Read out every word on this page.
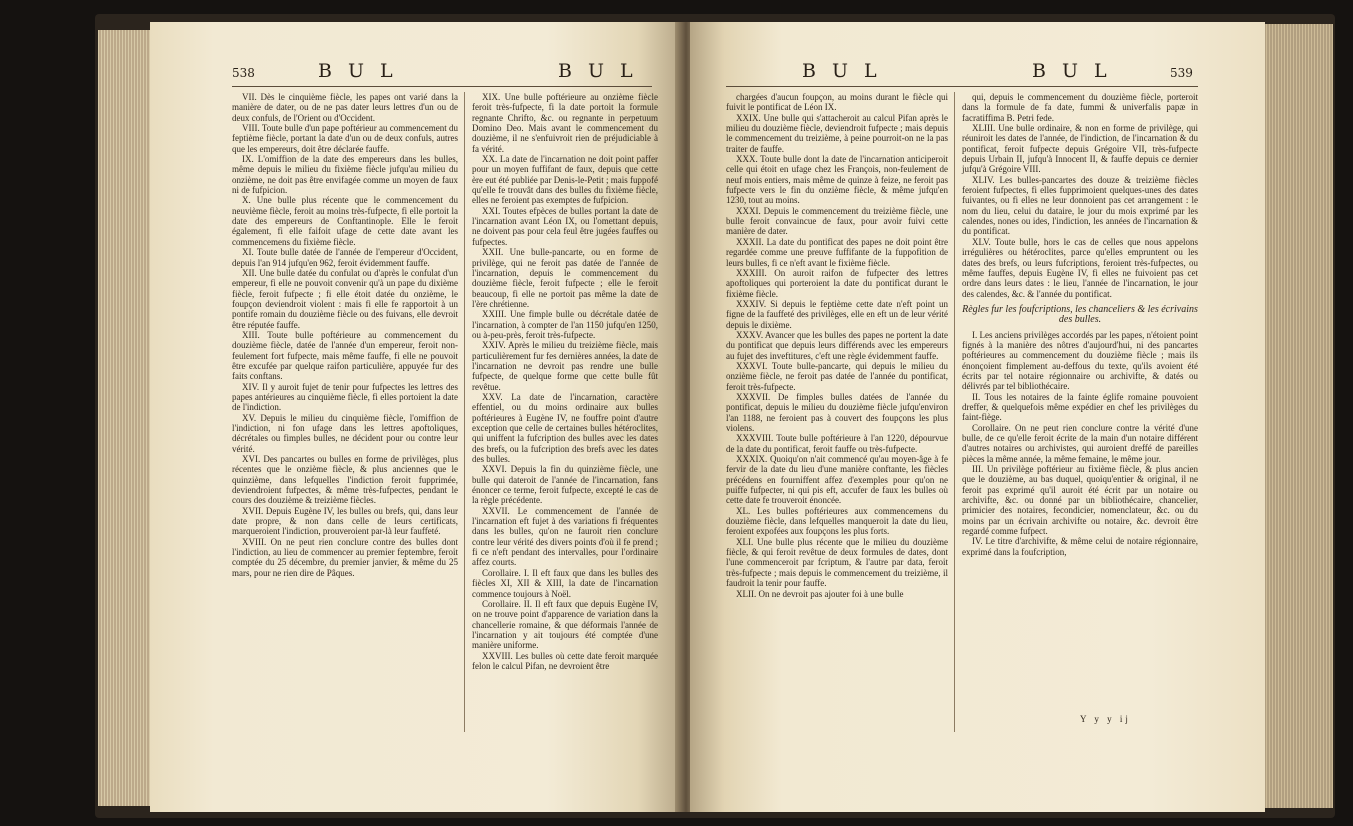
538	B U L	B U L

VII. Dès le cinquième fiècle, les papes ont varié dans la manière de dater, ou de ne pas dater leurs lettres d'un ou de deux confuls, de l'Orient ou d'Occident.

VIII. Toute bulle d'un pape poftérieur au commencement du feptième fiècle, portant la date d'un ou de deux confuls, autres que les empereurs, doit être déclarée fauffe.

IX. L'omiffion de la date des empereurs dans les bulles, même depuis le milieu du fixième fiècle jufqu'au milieu du onzième, ne doit pas être envifagée comme un moyen de faux ni de fufpicion.

X. Une bulle plus récente que le commencement du neuvième fiècle, feroit au moins très-fufpecte, fi elle portoit la date des empereurs de Conftantinople. Elle le feroit également, fi elle faifoit ufage de cette date avant les commencemens du fixième fiècle.

XI. Toute bulle datée de l'année de l'empereur d'Occident, depuis l'an 914 jufqu'en 962, feroit évidemment fauffe.

XII. Une bulle datée du confulat ou d'après le confulat d'un empereur, fi elle ne pouvoit convenir qu'à un pape du dixième fiècle, feroit fufpecte ; fi elle étoit datée du onzième, le foupçon deviendroit violent : mais fi elle fe rapportoit à un pontife romain du douzième fiècle ou des fuivans, elle devroit être réputée fauffe.

XIII. Toute bulle poftérieure au commencement du douzième fiècle, datée de l'année d'un empereur, feroit non-feulement fort fufpecte, mais même fauffe, fi elle ne pouvoit être excufée par quelque raifon particulière, appuyée fur des faits conftans.

XIV. Il y auroit fujet de tenir pour fufpectes les lettres des papes antérieures au cinquième fiècle, fi elles portoient la date de l'indiction.

XV. Depuis le milieu du cinquième fiècle, l'omiffion de l'indiction, ni fon ufage dans les lettres apoftoliques, décrétales ou fimples bulles, ne décident pour ou contre leur vérité.

XVI. Des pancartes ou bulles en forme de privilèges, plus récentes que le onzième fiècle, & plus anciennes que le quinzième, dans lefquelles l'indiction feroit fupprimée, deviendroient fufpectes, & même très-fufpectes, pendant le cours des douzième & treizième fiècles.

XVII. Depuis Eugène IV, les bulles ou brefs, qui, dans leur date propre, & non dans celle de leurs certificats, marqueroient l'indiction, prouveroient par-là leur fauffeté.

XVIII. On ne peut rien conclure contre des bulles dont l'indiction, au lieu de commencer au premier feptembre, feroit comptée du 25 décembre, du premier janvier, & même du 25 mars, pour ne rien dire de Pâques.

XIX. Une bulle poftérieure au onzième fiècle feroit très-fufpecte, fi la date portoit la formule regnante Chrifto, &c. ou regnante in perpetuum Domino Deo. Mais avant le commencement du douzième, il ne s'enfuivroit rien de préjudiciable à fa vérité.

XX. La date de l'incarnation ne doit point paffer pour un moyen fuffifant de faux, depuis que cette ère eut été publiée par Denis-le-Petit ; mais fuppofé qu'elle fe trouvât dans des bulles du fixième fiècle, elles ne feroient pas exemptes de fufpicion.

XXI. Toutes efpèces de bulles portant la date de l'incarnation avant Léon IX, ou l'omettant depuis, ne doivent pas pour cela feul être jugées fauffes ou fufpectes.

XXII. Une bulle-pancarte, ou en forme de privilège, qui ne feroit pas datée de l'année de l'incarnation, depuis le commencement du douzième fiècle, feroit fufpecte ; elle le feroit beaucoup, fi elle ne portoit pas même la date de l'ère chrétienne.

XXIII. Une fimple bulle ou décrétale datée de l'incarnation, à compter de l'an 1150 jufqu'en 1250, ou à-peu-près, feroit très-fufpecte.

XXIV. Après le milieu du treizième fiècle, mais particulièrement fur fes dernières années, la date de l'incarnation ne devroit pas rendre une bulle fufpecte, de quelque forme que cette bulle fût revêtue.

XXV. La date de l'incarnation, caractère effentiel, ou du moins ordinaire aux bulles poftérieures à Eugène IV, ne fouffre point d'autre exception que celle de certaines bulles hétéroclites, qui uniffent la fufcription des bulles avec les dates des brefs, ou la fufcription des brefs avec les dates des bulles.

XXVI. Depuis la fin du quinzième fiècle, une bulle qui dateroit de l'année de l'incarnation, fans énoncer ce terme, feroit fufpecte, excepté le cas de la règle précédente.

XXVII. Le commencement de l'année de l'incarnation eft fujet à des variations fi fréquentes dans les bulles, qu'on ne fauroit rien conclure contre leur vérité des divers points d'où il fe prend ; fi ce n'eft pendant des intervalles, pour l'ordinaire affez courts.

Corollaire. I. Il eft faux que dans les bulles des fiècles XI, XII & XIII, la date de l'incarnation commence toujours à Noël.

Corollaire. II. Il eft faux que depuis Eugène IV, on ne trouve point d'apparence de variation dans la chancellerie romaine, & que déformais l'année de l'incarnation y ait toujours été comptée d'une manière uniforme.

XXVIII. Les bulles où cette date feroit marquée felon le calcul Pifan, ne devroient être

B U L	B U L	539

chargées d'aucun foupçon, au moins durant le fiècle qui fuivit le pontificat de Léon IX.

XXIX. Une bulle qui s'attacheroit au calcul Pifan après le milieu du douzième fiècle, deviendroit fufpecte ; mais depuis le commencement du treizième, à peine pourroit-on ne la pas traiter de fauffe.

XXX. Toute bulle dont la date de l'incarnation anticiperoit celle qui étoit en ufage chez les François, non-feulement de neuf mois entiers, mais même de quinze à feize, ne feroit pas fufpecte vers le fin du onzième fiècle, & même jufqu'en 1230, tout au moins.

XXXI. Depuis le commencement du treizième fiècle, une bulle feroit convaincue de faux, pour avoir fuivi cette manière de dater.

XXXII. La date du pontificat des papes ne doit point être regardée comme une preuve fuffifante de la fuppofition de leurs bulles, fi ce n'eft avant le fixième fiècle.

XXXIII. On auroit raifon de fufpecter des lettres apoftoliques qui porteroient la date du pontificat durant le fixième fiècle.

XXXIV. Si depuis le feptième cette date n'eft point un figne de la fauffeté des privilèges, elle en eft un de leur vérité depuis le dixième.

XXXV. Avancer que les bulles des papes ne portent la date du pontificat que depuis leurs différends avec les empereurs au fujet des inveftitures, c'eft une règle évidemment fauffe.

XXXVI. Toute bulle-pancarte, qui depuis le milieu du onzième fiècle, ne feroit pas datée de l'année du pontificat, feroit très-fufpecte.

XXXVII. De fimples bulles datées de l'année du pontificat, depuis le milieu du douzième fiècle jufqu'environ l'an 1188, ne feroient pas à couvert des foupçons les plus violens.

XXXVIII. Toute bulle poftérieure à l'an 1220, dépourvue de la date du pontificat, feroit fauffe ou très-fufpecte.

XXXIX. Quoiqu'on n'ait commencé qu'au moyen-âge à fe fervir de la date du lieu d'une manière conftante, les fiècles précédens en fourniffent affez d'exemples pour qu'on ne puiffe fufpecter, ni qui pis eft, accufer de faux les bulles où cette date fe trouveroit énoncée.

XL. Les bulles poftérieures aux commencemens du douzième fiècle, dans lefquelles manqueroit la date du lieu, feroient expofées aux foupçons les plus forts.

XLI. Une bulle plus récente que le milieu du douzième fiècle, & qui feroit revêtue de deux formules de dates, dont l'une commenceroit par fcriptum, & l'autre par data, feroit très-fufpecte ; mais depuis le commencement du treizième, il faudroit la tenir pour fauffe.

XLII. On ne devroit pas ajouter foi à une bulle

qui, depuis le commencement du douzième fiècle, porteroit dans la formule de fa date, fummi & univerfalis papæ in facratiffima B. Petri fede.

XLIII. Une bulle ordinaire, & non en forme de privilège, qui réuniroit les dates de l'année, de l'indiction, de l'incarnation & du pontificat, feroit fufpecte depuis Grégoire VII, très-fufpecte depuis Urbain II, jufqu'à Innocent II, & fauffe depuis ce dernier jufqu'à Grégoire VIII.

XLIV. Les bulles-pancartes des douze & treizième fiècles feroient fufpectes, fi elles fupprimoient quelques-unes des dates fuivantes, ou fi elles ne leur donnoient pas cet arrangement : le nom du lieu, celui du dataire, le jour du mois exprimé par les calendes, nones ou ides, l'indiction, les années de l'incarnation & du pontificat.

XLV. Toute bulle, hors le cas de celles que nous appelons irrégulières ou hétéroclites, parce qu'elles empruntent ou les dates des brefs, ou leurs fufcriptions, feroient très-fufpectes, ou même fauffes, depuis Eugène IV, fi elles ne fuivoient pas cet ordre dans leurs dates : le lieu, l'année de l'incarnation, le jour des calendes, &c. & l'année du pontificat.

Règles fur les foufcriptions, les chanceliers & les écrivains des bulles.

I. Les anciens privilèges accordés par les papes, n'étoient point fignés à la manière des nôtres d'aujourd'hui, ni des pancartes poftérieures au commencement du douzième fiècle ; mais ils énonçoient fimplement au-deffous du texte, qu'ils avoient été écrits par tel notaire régionnaire ou archivifte, & datés ou délivrés par tel bibliothécaire.

II. Tous les notaires de la fainte églife romaine pouvoient dreffer, & quelquefois même expédier en chef les privilèges du faint-fiège.

Corollaire. On ne peut rien conclure contre la vérité d'une bulle, de ce qu'elle feroit écrite de la main d'un notaire différent d'autres notaires ou archivistes, qui auroient dreffé de pareilles pièces la même année, la même femaine, le même jour.

III. Un privilège poftérieur au fixième fiècle, & plus ancien que le douzième, au bas duquel, quoiqu'entier & original, il ne feroit pas exprimé qu'il auroit été écrit par un notaire ou archivifte, &c. ou donné par un bibliothécaire, chancelier, primicier des notaires, fecondicier, nomenclateur, &c. ou du moins par un écrivain archivifte ou notaire, &c. devroit être regardé comme fufpect.

IV. Le titre d'archivifte, & même celui de notaire régionnaire, exprimé dans la foufcription,

Y y y ij
